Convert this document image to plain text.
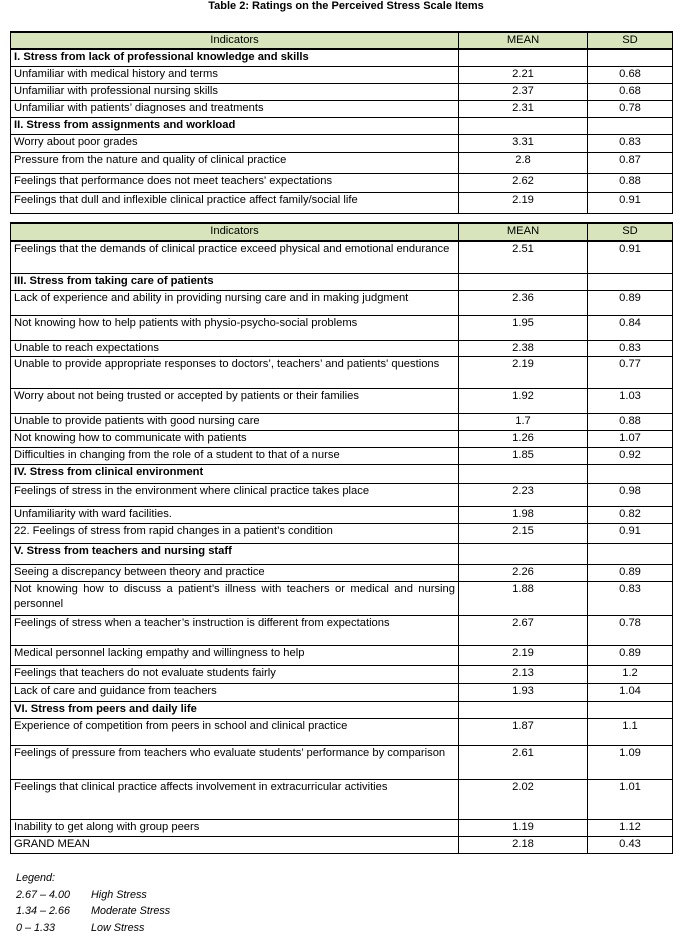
Table 2: Ratings on the Perceived Stress Scale Items
Indicators	MEAN	SD
I. Stress from lack of professional knowledge and skills		
Unfamiliar with medical history and terms	2.21	0.68
Unfamiliar with professional nursing skills	2.37	0.68
Unfamiliar with patients’ diagnoses and treatments	2.31	0.78
II. Stress from assignments and workload		
Worry about poor grades	3.31	0.83
Pressure from the nature and quality of clinical practice	2.8	0.87
Feelings that performance does not meet teachers' expectations	2.62	0.88
Feelings that dull and inflexible clinical practice affect family/social life	2.19	0.91
Indicators	MEAN	SD
Feelings that the demands of clinical practice exceed physical and emotional endurance	2.51	0.91
III. Stress from taking care of patients		
Lack of experience and ability in providing nursing care and in making judgment	2.36	0.89
Not knowing how to help patients with physio-psycho-social problems	1.95	0.84
Unable to reach expectations	2.38	0.83
Unable to provide appropriate responses to doctors’, teachers’ and patients' questions	2.19	0.77
Worry about not being trusted or accepted by patients or their families	1.92	1.03
Unable to provide patients with good nursing care	1.7	0.88
Not knowing how to communicate with patients	1.26	1.07
Difficulties in changing from the role of a student to that of a nurse	1.85	0.92
IV. Stress from clinical environment		
Feelings of stress in the environment where clinical practice takes place	2.23	0.98
Unfamiliarity with ward facilities.	1.98	0.82
22. Feelings of stress from rapid changes in a patient’s condition	2.15	0.91
V. Stress from teachers and nursing staff		
Seeing a discrepancy between theory and practice	2.26	0.89
Not knowing how to discuss a patient’s illness with teachers or medical and nursing personnel	1.88	0.83
Feelings of stress when a teacher’s instruction is different from expectations	2.67	0.78
Medical personnel lacking empathy and willingness to help	2.19	0.89
Feelings that teachers do not evaluate students fairly	2.13	1.2
Lack of care and guidance from teachers	1.93	1.04
VI. Stress from peers and daily life		
Experience of competition from peers in school and clinical practice	1.87	1.1
Feelings of pressure from teachers who evaluate students’ performance by comparison	2.61	1.09
Feelings that clinical practice affects involvement in extracurricular activities	2.02	1.01
Inability to get along with group peers	1.19	1.12
GRAND MEAN	2.18	0.43
Legend:
2.67 – 4.00	High Stress
1.34 – 2.66	Moderate Stress
0 – 1.33	Low Stress
